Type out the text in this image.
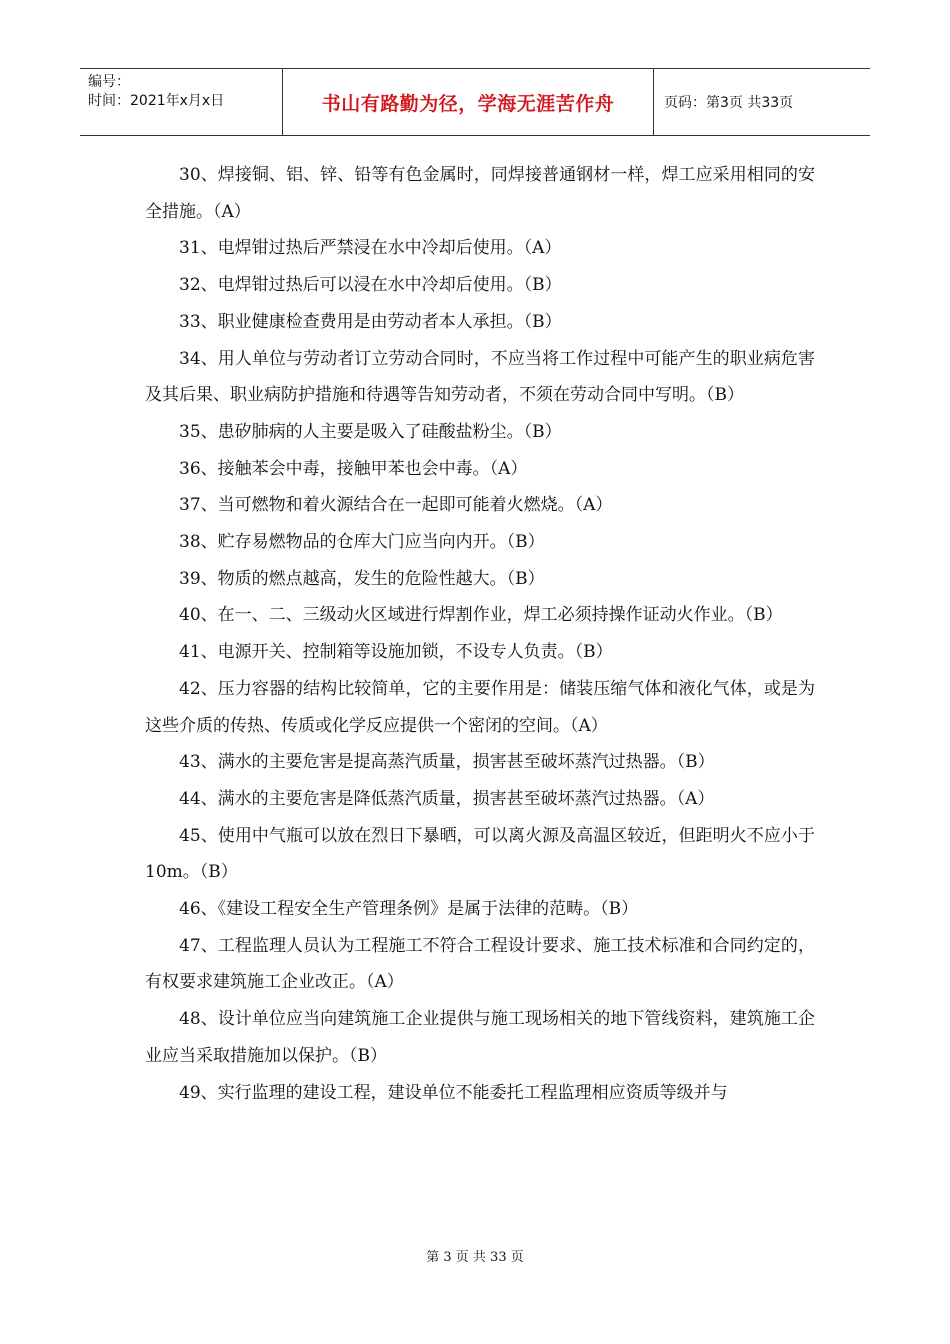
编号：
时间：2021年x月x日	书山有路勤为径，学海无涯苦作舟	页码：第3页 共33页

30、焊接铜、铝、锌、铅等有色金属时，同焊接普通钢材一样，焊工应采用相同的安全措施。（A）

31、电焊钳过热后严禁浸在水中冷却后使用。（A）

32、电焊钳过热后可以浸在水中冷却后使用。（B）

33、职业健康检查费用是由劳动者本人承担。（B）

34、用人单位与劳动者订立劳动合同时，不应当将工作过程中可能产生的职业病危害及其后果、职业病防护措施和待遇等告知劳动者，不须在劳动合同中写明。（B）

35、患矽肺病的人主要是吸入了硅酸盐粉尘。（B）

36、接触苯会中毒，接触甲苯也会中毒。（A）

37、当可燃物和着火源结合在一起即可能着火燃烧。（A）

38、贮存易燃物品的仓库大门应当向内开。（B）

39、物质的燃点越高，发生的危险性越大。（B）

40、在一、二、三级动火区域进行焊割作业，焊工必须持操作证动火作业。（B）

41、电源开关、控制箱等设施加锁，不设专人负责。（B）

42、压力容器的结构比较简单，它的主要作用是：储装压缩气体和液化气体，或是为这些介质的传热、传质或化学反应提供一个密闭的空间。（A）

43、满水的主要危害是提高蒸汽质量，损害甚至破坏蒸汽过热器。（B）

44、满水的主要危害是降低蒸汽质量，损害甚至破坏蒸汽过热器。（A）

45、使用中气瓶可以放在烈日下暴晒，可以离火源及高温区较近，但距明火不应小于10m。（B）

46、《建设工程安全生产管理条例》是属于法律的范畴。（B）

47、工程监理人员认为工程施工不符合工程设计要求、施工技术标准和合同约定的，有权要求建筑施工企业改正。（A）

48、设计单位应当向建筑施工企业提供与施工现场相关的地下管线资料，建筑施工企业应当采取措施加以保护。（B）

49、实行监理的建设工程，建设单位不能委托工程监理相应资质等级并与

第 3 页 共 33 页
